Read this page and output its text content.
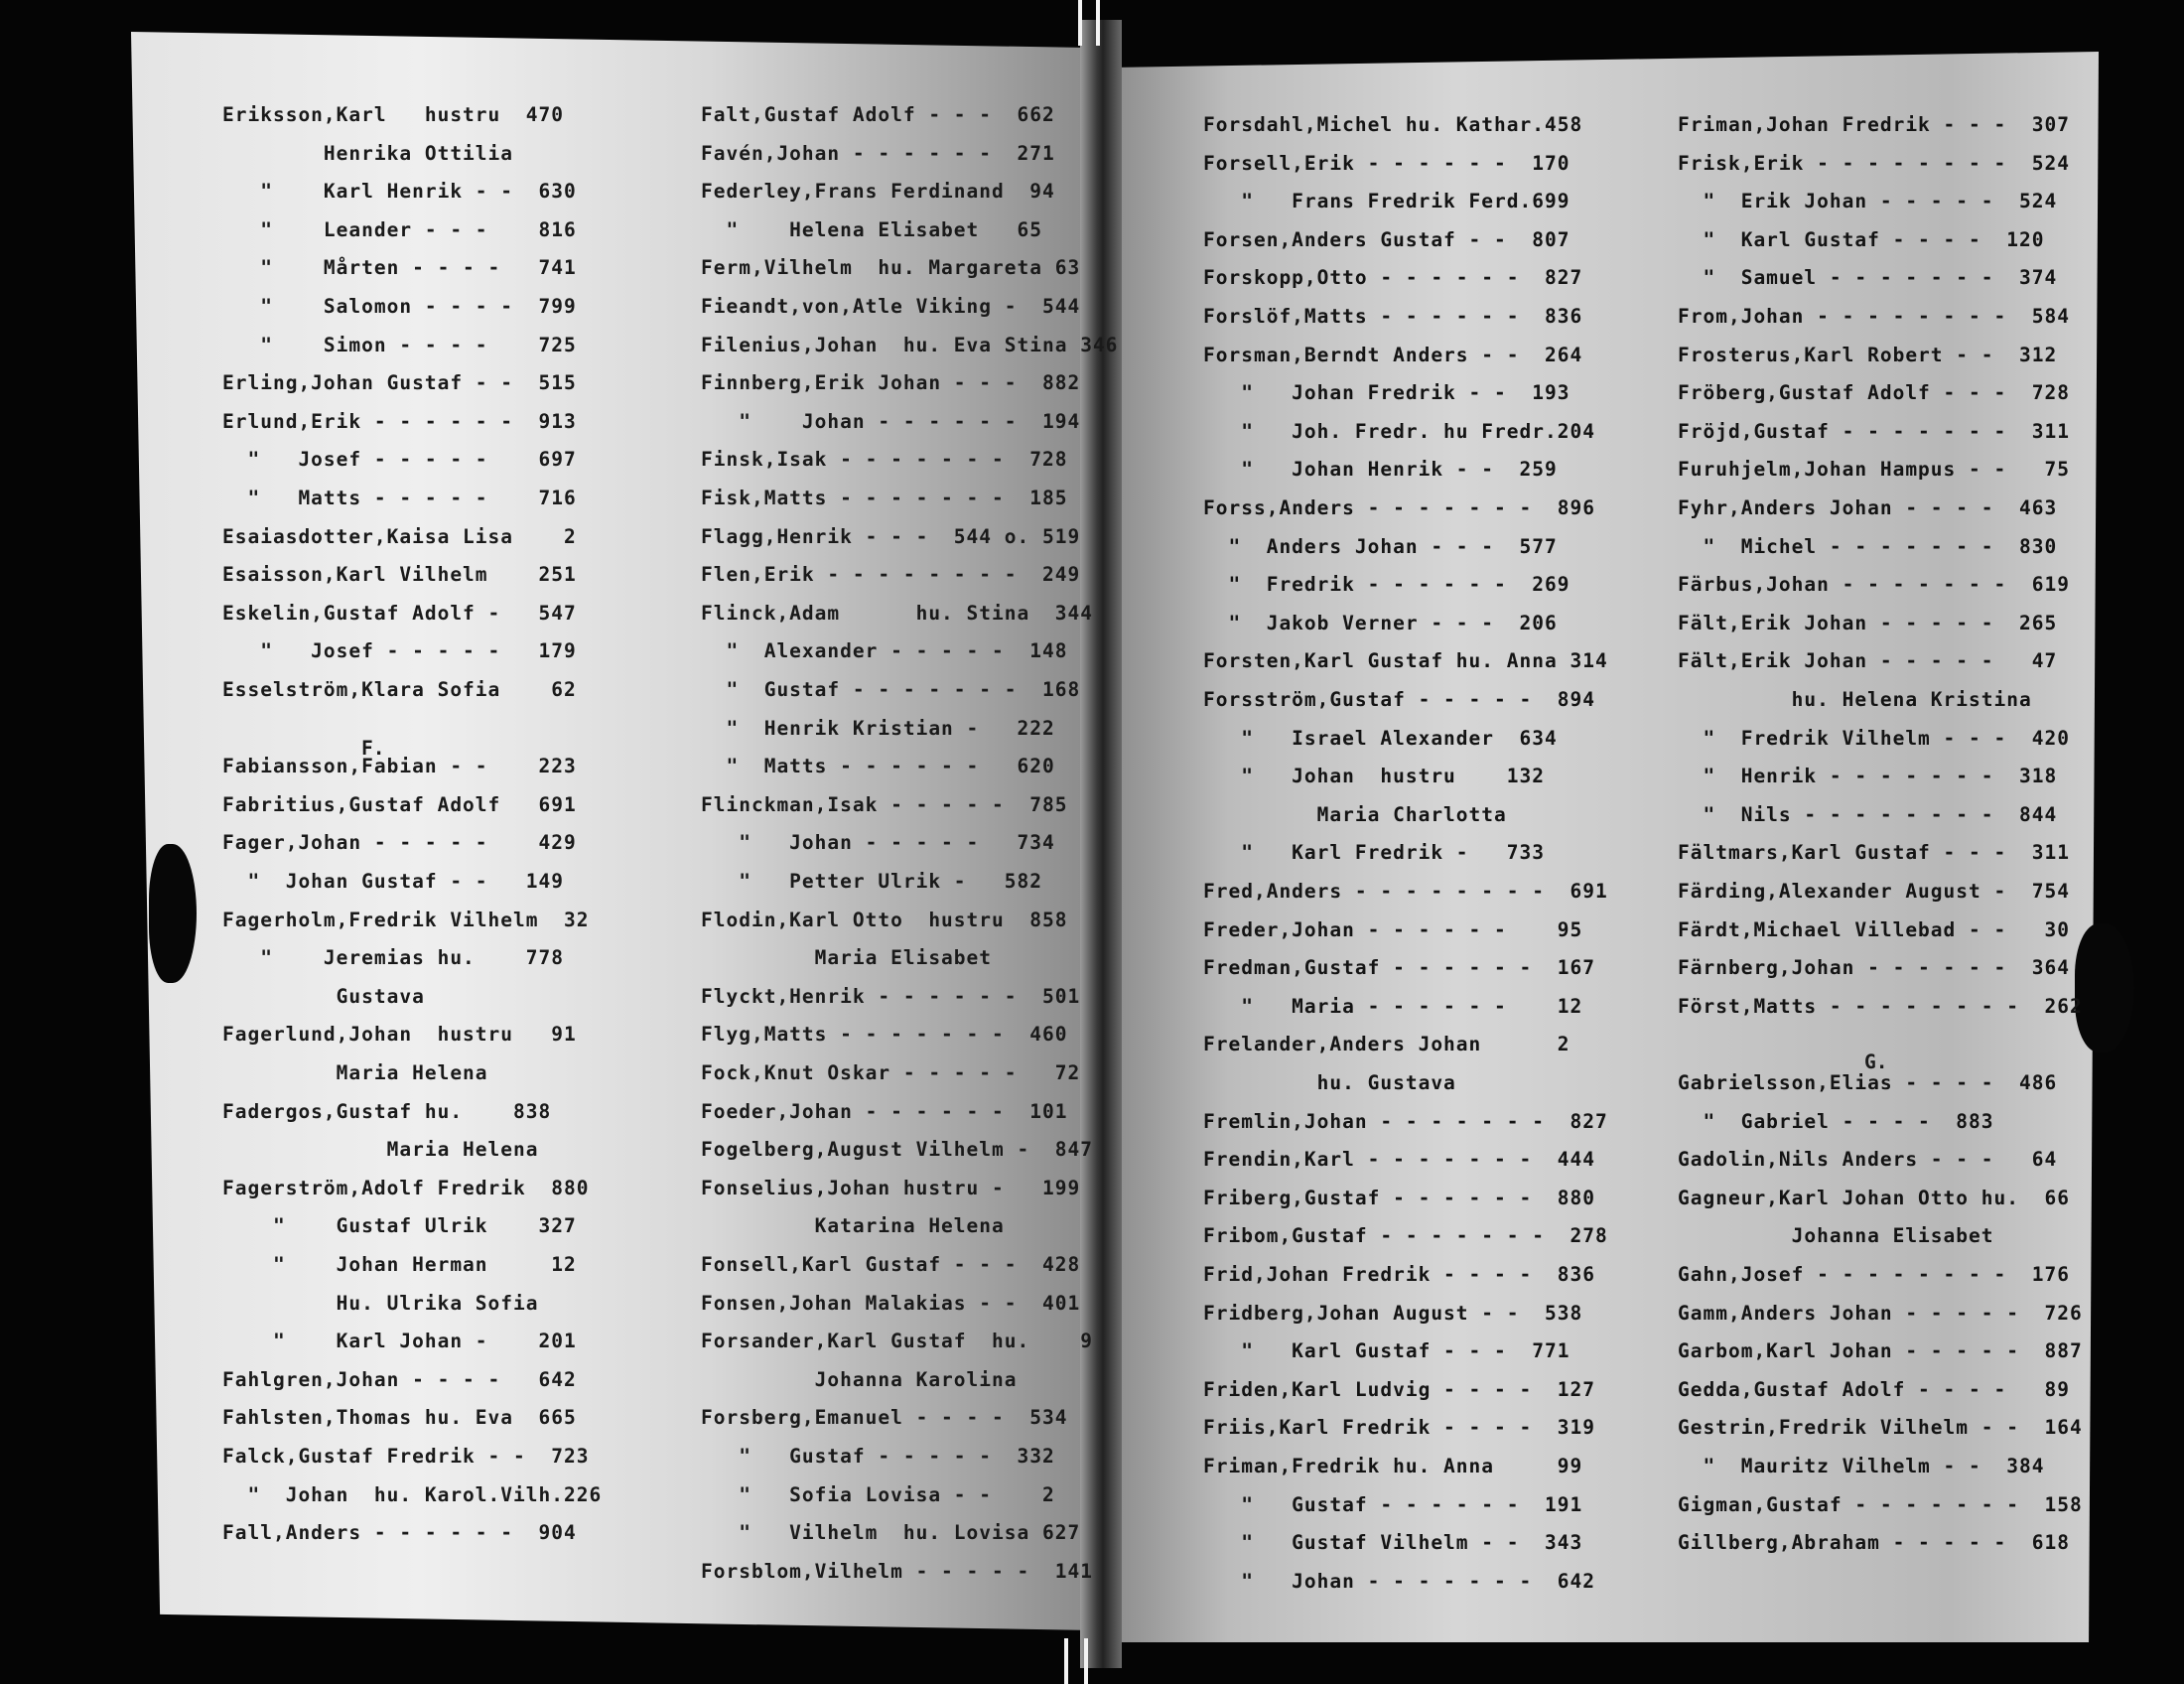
Eriksson,Karl   hustru  470
Henrika Ottilia
"    Karl Henrik - -  630
"    Leander - - -    816
"    Mårten - - - -   741
"    Salomon - - - -  799
"    Simon - - - -    725
Erling,Johan Gustaf - -  515
Erlund,Erik - - - - - -  913
"   Josef - - - - -    697
"   Matts - - - - -    716
Esaiasdotter,Kaisa Lisa    2
Esaisson,Karl Vilhelm    251
Eskelin,Gustaf Adolf -   547
"   Josef - - - - -   179
Esselström,Klara Sofia    62
Fabiansson,Fabian - -    223
Fabritius,Gustaf Adolf   691
Fager,Johan - - - - -    429
"  Johan Gustaf - -   149
Fagerholm,Fredrik Vilhelm  32
"    Jeremias hu.    778
Gustava
Fagerlund,Johan  hustru   91
Maria Helena
Fadergos,Gustaf hu.    838
Maria Helena
Fagerström,Adolf Fredrik  880
"    Gustaf Ulrik    327
"    Johan Herman     12
Hu. Ulrika Sofia
"    Karl Johan -    201
Fahlgren,Johan - - - -   642
Fahlsten,Thomas hu. Eva  665
Falck,Gustaf Fredrik - -  723
"  Johan  hu. Karol.Vilh.226
Fall,Anders - - - - - -  904
Falt,Gustaf Adolf - - -  662
Favén,Johan - - - - - -  271
Federley,Frans Ferdinand  94
"    Helena Elisabet   65
Ferm,Vilhelm  hu. Margareta 63
Fieandt,von,Atle Viking -  544
Filenius,Johan  hu. Eva Stina 346
Finnberg,Erik Johan - - -  882
"    Johan - - - - - -  194
Finsk,Isak - - - - - - -  728
Fisk,Matts - - - - - - -  185
Flagg,Henrik - - -  544 o. 519
Flen,Erik - - - - - - - -  249
Flinck,Adam      hu. Stina  344
"  Alexander - - - - -  148
"  Gustaf - - - - - - -  168
"  Henrik Kristian -   222
"  Matts - - - - - -   620
Flinckman,Isak - - - - -  785
"   Johan - - - - -   734
"   Petter Ulrik -   582
Flodin,Karl Otto  hustru  858
Maria Elisabet
Flyckt,Henrik - - - - - -  501
Flyg,Matts - - - - - - -  460
Fock,Knut Oskar - - - - -   72
Foeder,Johan - - - - - -  101
Fogelberg,August Vilhelm -  847
Fonselius,Johan hustru -   199
Katarina Helena
Fonsell,Karl Gustaf - - -  428
Fonsen,Johan Malakias - -  401
Forsander,Karl Gustaf  hu.    9
Johanna Karolina
Forsberg,Emanuel - - - -  534
"   Gustaf - - - - -  332
"   Sofia Lovisa - -    2
"   Vilhelm  hu. Lovisa 627
Forsblom,Vilhelm - - - - -  141
Forsdahl,Michel hu. Kathar.458
Forsell,Erik - - - - - -  170
"   Frans Fredrik Ferd.699
Forsen,Anders Gustaf - -  807
Forskopp,Otto - - - - - -  827
Forslöf,Matts - - - - - -  836
Forsman,Berndt Anders - -  264
"   Johan Fredrik - -  193
"   Joh. Fredr. hu Fredr.204
"   Johan Henrik - -  259
Forss,Anders - - - - - - -  896
"  Anders Johan - - -  577
"  Fredrik - - - - - -  269
"  Jakob Verner - - -  206
Forsten,Karl Gustaf hu. Anna 314
Forsström,Gustaf - - - - -  894
"   Israel Alexander  634
"   Johan  hustru    132
Maria Charlotta
"   Karl Fredrik -   733
Fred,Anders - - - - - - - -  691
Freder,Johan - - - - - -    95
Fredman,Gustaf - - - - - -  167
"   Maria - - - - - -    12
Frelander,Anders Johan      2
hu. Gustava
Fremlin,Johan - - - - - - -  827
Frendin,Karl - - - - - - -  444
Friberg,Gustaf - - - - - -  880
Fribom,Gustaf - - - - - - -  278
Frid,Johan Fredrik - - - -  836
Fridberg,Johan August - -  538
"   Karl Gustaf - - -  771
Friden,Karl Ludvig - - - -  127
Friis,Karl Fredrik - - - -  319
Friman,Fredrik hu. Anna     99
"   Gustaf - - - - - -  191
"   Gustaf Vilhelm - -  343
"   Johan - - - - - - -  642
Friman,Johan Fredrik - - -  307
Frisk,Erik - - - - - - - -  524
"  Erik Johan - - - - -  524
"  Karl Gustaf - - - -  120
"  Samuel - - - - - - -  374
From,Johan - - - - - - - -  584
Frosterus,Karl Robert - -  312
Fröberg,Gustaf Adolf - - -  728
Fröjd,Gustaf - - - - - - -  311
Furuhjelm,Johan Hampus - -   75
Fyhr,Anders Johan - - - -  463
"  Michel - - - - - - -  830
Färbus,Johan - - - - - - -  619
Fält,Erik Johan - - - - -  265
Fält,Erik Johan - - - - -   47
hu. Helena Kristina
"  Fredrik Vilhelm - - -  420
"  Henrik - - - - - - -  318
"  Nils - - - - - - - -  844
Fältmars,Karl Gustaf - - -  311
Färding,Alexander August -  754
Färdt,Michael Villebad - -   30
Färnberg,Johan - - - - - -  364
Först,Matts - - - - - - - -  262
Gabrielsson,Elias - - - -  486
"  Gabriel - - - -  883
Gadolin,Nils Anders - - -   64
Gagneur,Karl Johan Otto hu.  66
Johanna Elisabet
Gahn,Josef - - - - - - - -  176
Gamm,Anders Johan - - - - -  726
Garbom,Karl Johan - - - - -  887
Gedda,Gustaf Adolf - - - -   89
Gestrin,Fredrik Vilhelm - -  164
"  Mauritz Vilhelm - -  384
Gigman,Gustaf - - - - - - -  158
Gillberg,Abraham - - - - -  618
F.
G.
